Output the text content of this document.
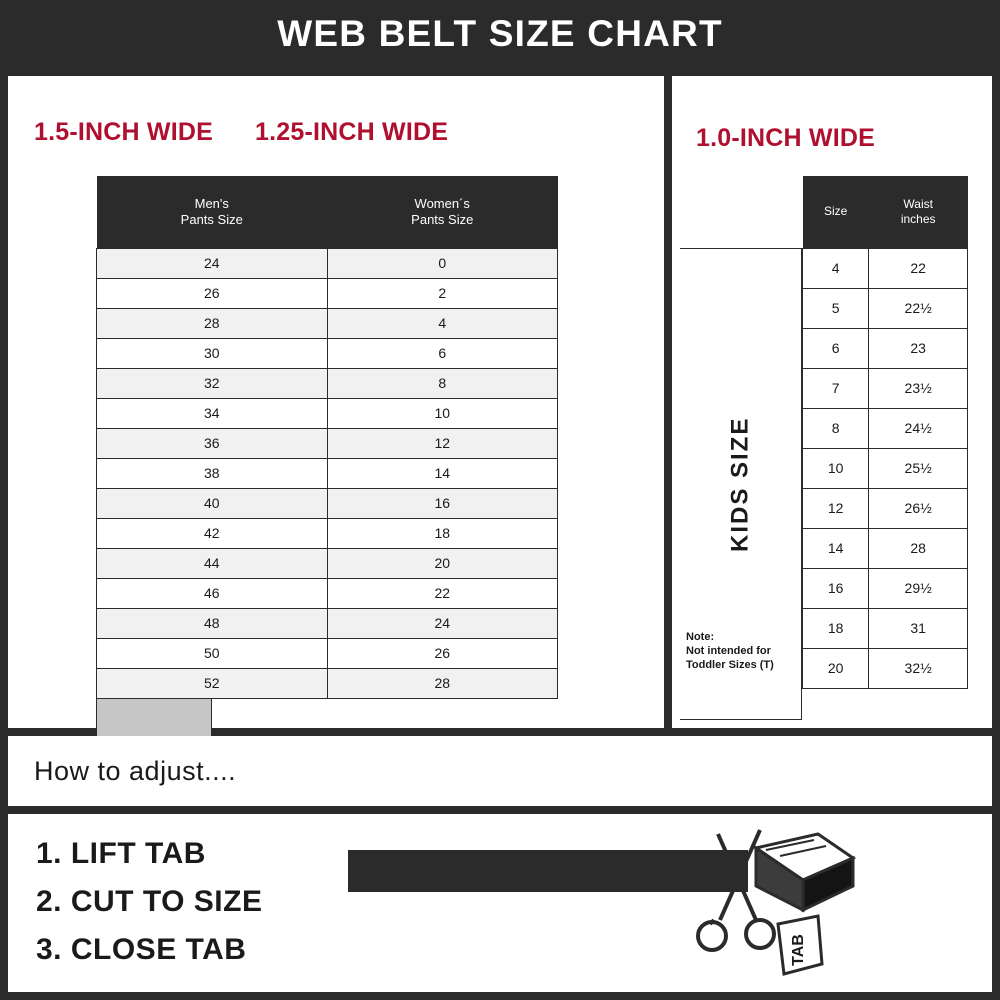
WEB BELT SIZE CHART
1.5-INCH WIDE 1.25-INCH WIDE
Men's
Pants Size

Women´s
Pants Size

24	0
26	2
28	4
30	6
32	8
34	10
36	12
38	14
40	16
42	18
44	20
46	22
48	24
50	26
52	28
1.0-INCH WIDE
KIDS SIZE
Note:
Not intended for
Toddler Sizes (T)
Size	Waist
inches

4	22
5	22½
6	23
7	23½
8	24½
10	25½
12	26½
14	28
16	29½
18	31
20	32½
How to adjust....
1. LIFT TAB
2. CUT TO SIZE
3. CLOSE TAB	TAB
